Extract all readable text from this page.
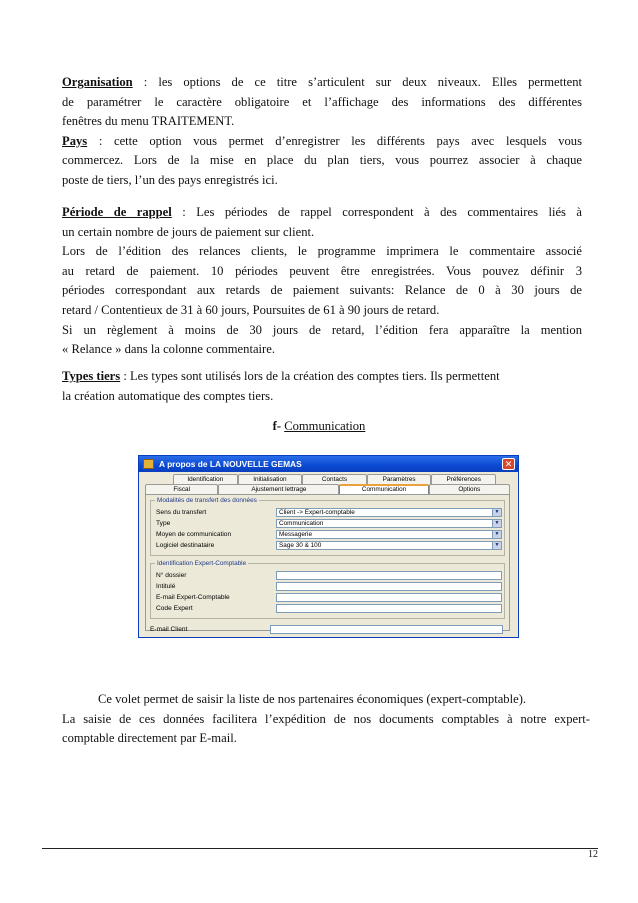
Organisation : les options de ce titre s’articulent sur deux niveaux. Elles permettent

de paramétrer le caractère obligatoire et l’affichage des informations des différentes

fenêtres du menu TRAITEMENT.

Pays : cette option vous permet d’enregistrer les différents pays avec lesquels vous

commercez. Lors de la mise en place du plan tiers, vous pourrez associer à chaque

poste de tiers, l’un des pays enregistrés ici.

Période de rappel : Les périodes de rappel correspondent à des commentaires liés à

un certain nombre de jours de paiement sur client.

Lors de l’édition des relances clients, le programme imprimera le commentaire associé

au retard de paiement. 10 périodes peuvent être enregistrées. Vous pouvez définir 3

périodes correspondant aux retards de paiement suivants: Relance de 0 à 30 jours de

retard / Contentieux de 31 à 60 jours, Poursuites de 61 à 90 jours de retard.

Si un règlement à moins de 30 jours de retard, l’édition fera apparaître la mention

« Relance » dans la colonne commentaire.

Types tiers : Les types sont utilisés lors de la création des comptes tiers. Ils permettent

la création automatique des comptes tiers.

f- Communication
A propos de LA NOUVELLE GEMAS	✕
Identification	Initialisation	Contacts	Paramètres	Préférences
Fiscal	Ajustement lettrage	Communication	Options
Modalités de transfert des données
Sens du transfert	Client -> Expert-comptable	▼
Type	Communication	▼
Moyen de communication	Messagerie	▼
Logiciel destinataire	Sage 30 & 100	▼
Identification Expert-Comptable
N° dossier
Intitulé
E-mail Expert-Comptable
Code Expert
E-mail Client

Ce volet permet de saisir la liste de nos partenaires économiques (expert-comptable).

La saisie de ces données facilitera l’expédition de nos documents comptables à notre expert-

comptable directement par E-mail.

12
